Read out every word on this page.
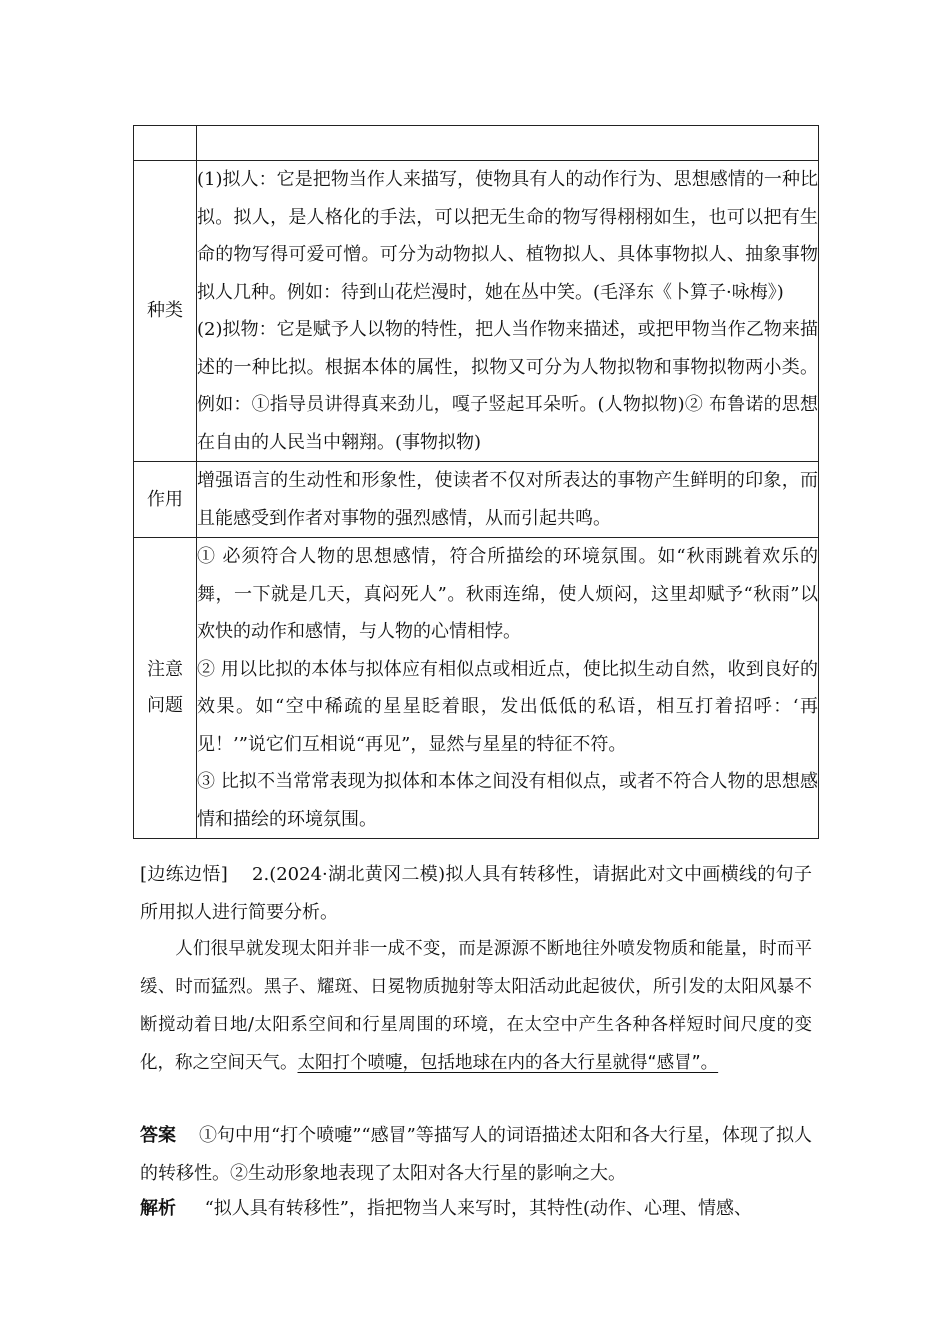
种类	(1)拟人：它是把物当作人来描写，使物具有人的动作行为、思想感情的一种比拟。拟人，是人格化的手法，可以把无生命的物写得栩栩如生，也可以把有生命的物写得可爱可憎。可分为动物拟人、植物拟人、具体事物拟人、抽象事物拟人几种。例如：待到山花烂漫时，她在丛中笑。(毛泽东《卜算子·咏梅》)
(2)拟物：它是赋予人以物的特性，把人当作物来描述，或把甲物当作乙物来描述的一种比拟。根据本体的属性，拟物又可分为人物拟物和事物拟物两小类。例如：①指导员讲得真来劲儿，嘎子竖起耳朵听。(人物拟物)② 布鲁诺的思想在自由的人民当中翱翔。(事物拟物)

作用	增强语言的生动性和形象性，使读者不仅对所表达的事物产生鲜明的印象，而且能感受到作者对事物的强烈感情，从而引起共鸣。

注意
问题	① 必须符合人物的思想感情，符合所描绘的环境氛围。如“秋雨跳着欢乐的舞，一下就是几天，真闷死人”。秋雨连绵，使人烦闷，这里却赋予“秋雨”以欢快的动作和感情，与人物的心情相悖。
② 用以比拟的本体与拟体应有相似点或相近点，使比拟生动自然，收到良好的效果。如“空中稀疏的星星眨着眼，发出低低的私语，相互打着招呼：‘再见！’”说它们互相说“再见”，显然与星星的特征不符。
③ 比拟不当常常表现为拟体和本体之间没有相似点，或者不符合人物的思想感情和描绘的环境氛围。
[边练边悟] 2.(2024·湖北黄冈二模)拟人具有转移性，请据此对文中画横线的句子所用拟人进行简要分析。
人们很早就发现太阳并非一成不变，而是源源不断地往外喷发物质和能量，时而平缓、时而猛烈。黑子、耀斑、日冕物质抛射等太阳活动此起彼伏，所引发的太阳风暴不断搅动着日地/太阳系空间和行星周围的环境，在太空中产生各种各样短时间尺度的变化，称之空间天气。太阳打个喷嚏，包括地球在内的各大行星就得“感冒”。
答案 ①句中用“打个喷嚏”“感冒”等描写人的词语描述太阳和各大行星，体现了拟人的转移性。②生动形象地表现了太阳对各大行星的影响之大。
解析 “拟人具有转移性”，指把物当人来写时，其特性(动作、心理、情感、
